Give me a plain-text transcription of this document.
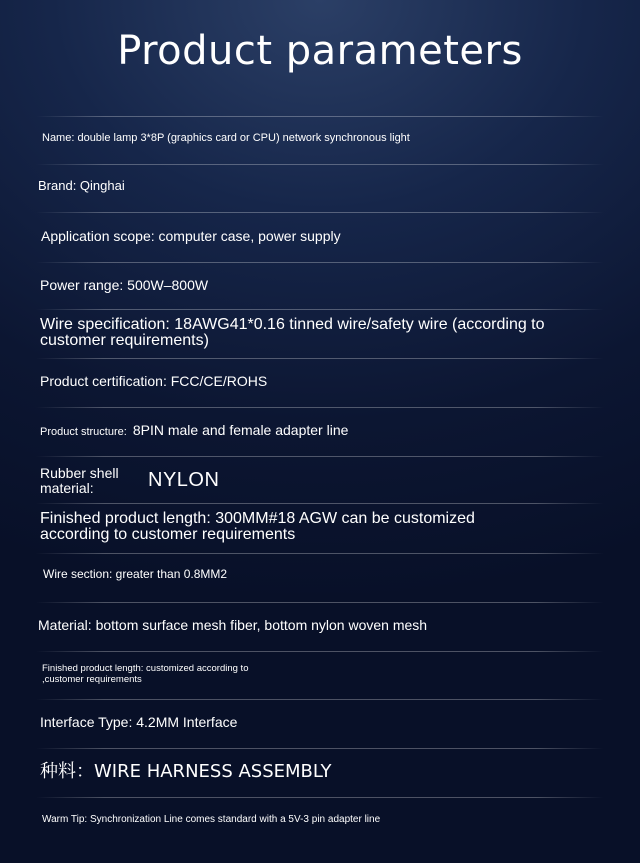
Product parameters
Name: double lamp 3*8P (graphics card or CPU) network synchronous light
Brand: Qinghai
Application scope: computer case, power supply
Power range: 500W–800W
Wire specification: 18AWG41*0.16 tinned wire/safety wire (according to customer requirements)
Product certification: FCC/CE/ROHS
Product structure: 8PIN male and female adapter line
Rubber shell material:	NYLON
Finished product length: 300MM#18 AGW can be customized according to customer requirements
Wire section: greater than 0.8MM2
Material: bottom surface mesh fiber, bottom nylon woven mesh
Finished product length: customized according to ,customer requirements
Interface Type: 4.2MM Interface
种料：WIRE HARNESS ASSEMBLY
Warm Tip: Synchronization Line comes standard with a 5V-3 pin adapter line
